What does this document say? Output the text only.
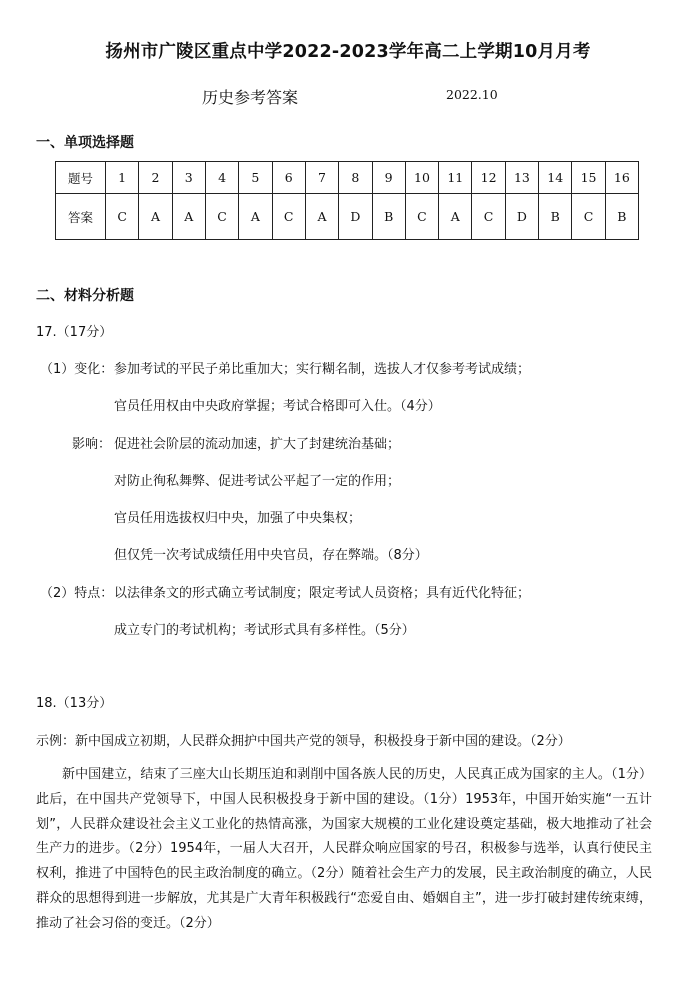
扬州市广陵区重点中学2022-2023学年高二上学期10月月考
历史参考答案	2022.10
一、单项选择题
题号	1	2	3	4	5	6	7	8	9	10	11	12	13	14	15	16
答案	C	A	A	C	A	C	A	D	B	C	A	C	D	B	C	B
二、材料分析题
17.（17分）
（1）变化： 参加考试的平民子弟比重加大；实行糊名制，选拔人才仅参考考试成绩；
官员任用权由中央政府掌握；考试合格即可入仕。（4分）
影响： 促进社会阶层的流动加速，扩大了封建统治基础；
对防止徇私舞弊、促进考试公平起了一定的作用；
官员任用选拔权归中央，加强了中央集权；
但仅凭一次考试成绩任用中央官员，存在弊端。（8分）
（2）特点： 以法律条文的形式确立考试制度；限定考试人员资格；具有近代化特征；
成立专门的考试机构；考试形式具有多样性。（5分）
18.（13分）
示例：新中国成立初期，人民群众拥护中国共产党的领导，积极投身于新中国的建设。（2分）

新中国建立，结束了三座大山长期压迫和剥削中国各族人民的历史，人民真正成为国家的主人。（1分）此后，在中国共产党领导下，中国人民积极投身于新中国的建设。（1分）1953年，中国开始实施“一五计划”，人民群众建设社会主义工业化的热情高涨，为国家大规模的工业化建设奠定基础，极大地推动了社会生产力的进步。（2分）1954年，一届人大召开，人民群众响应国家的号召，积极参与选举，认真行使民主权利，推进了中国特色的民主政治制度的确立。（2分）随着社会生产力的发展，民主政治制度的确立，人民群众的思想得到进一步解放，尤其是广大青年积极践行“恋爱自由、婚姻自主”，进一步打破封建传统束缚，推动了社会习俗的变迁。（2分）
